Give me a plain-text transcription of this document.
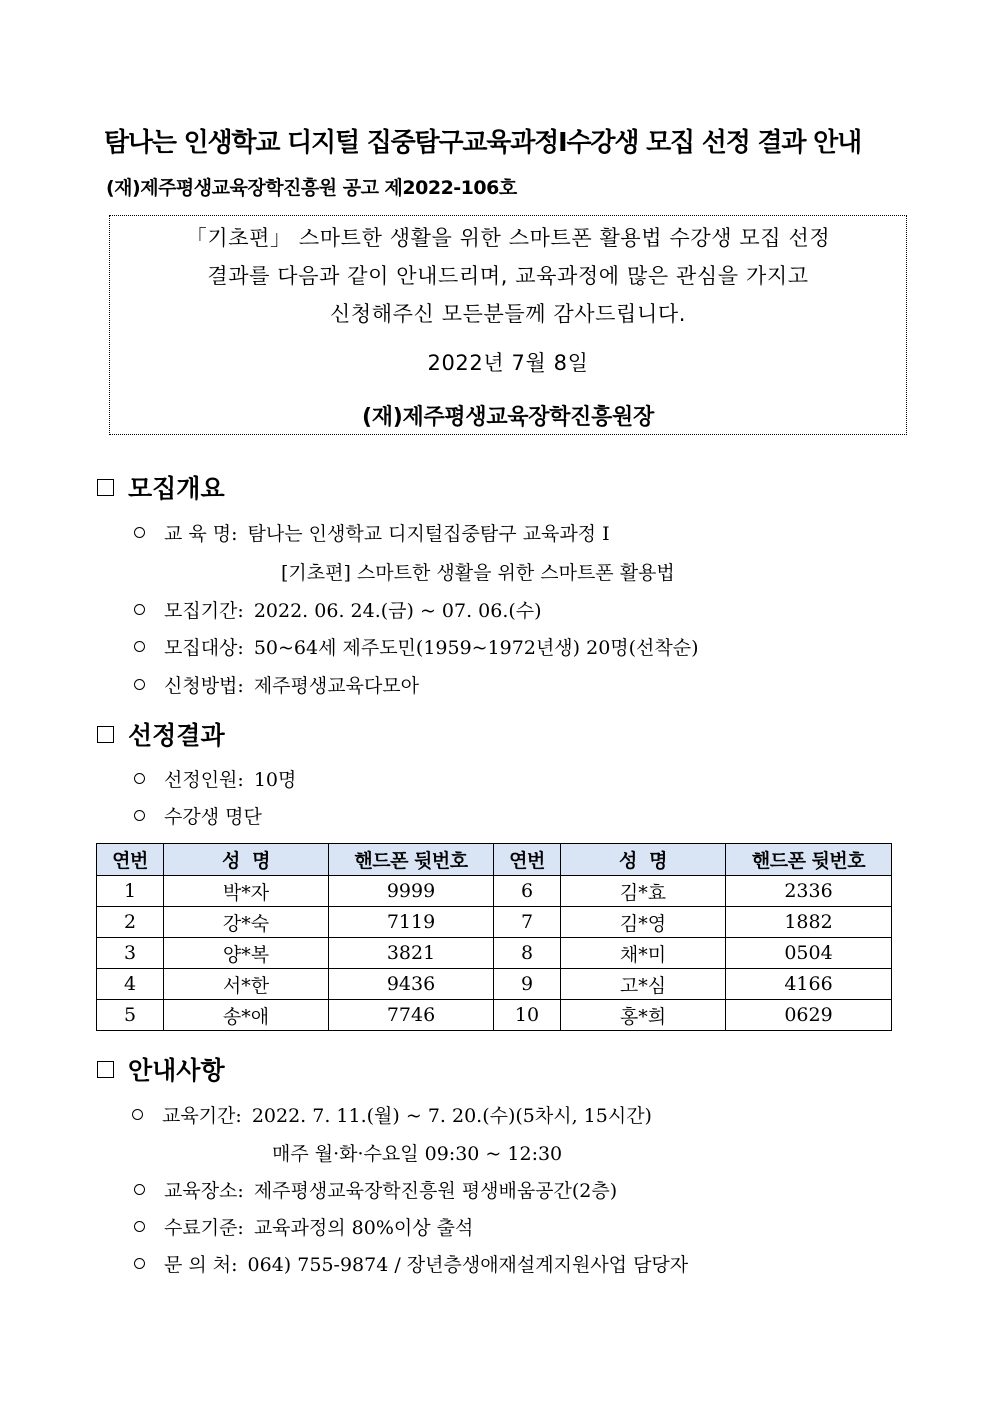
탐나는 인생학교 디지털 집중탐구교육과정Ⅰ수강생 모집 선정 결과 안내
(재)제주평생교육장학진흥원 공고 제2022-106호
「기초편」 스마트한 생활을 위한 스마트폰 활용법 수강생 모집 선정
결과를 다음과 같이 안내드리며, 교육과정에 많은 관심을 가지고
신청해주신 모든분들께 감사드립니다.
2022년 7월 8일
(재)제주평생교육장학진흥원장
모집개요
교 육 명: 탐나는 인생학교 디지털집중탐구 교육과정 Ⅰ
[기초편] 스마트한 생활을 위한 스마트폰 활용법
모집기간: 2022. 06. 24.(금) ~ 07. 06.(수)
모집대상: 50~64세 제주도민(1959~1972년생) 20명(선착순)
신청방법: 제주평생교육다모아
선정결과
선정인원: 10명
수강생 명단
연번	성  명	핸드폰 뒷번호	연번	성  명	핸드폰 뒷번호
1	박*자	9999	6	김*효	2336
2	강*숙	7119	7	김*영	1882
3	양*복	3821	8	채*미	0504
4	서*한	9436	9	고*심	4166
5	송*애	7746	10	홍*희	0629
안내사항
교육기간: 2022. 7. 11.(월) ~ 7. 20.(수)(5차시, 15시간)
매주 월·화·수요일 09:30 ~ 12:30
교육장소: 제주평생교육장학진흥원 평생배움공간(2층)
수료기준: 교육과정의 80%이상 출석
문 의 처: 064) 755-9874 / 장년층생애재설계지원사업 담당자
